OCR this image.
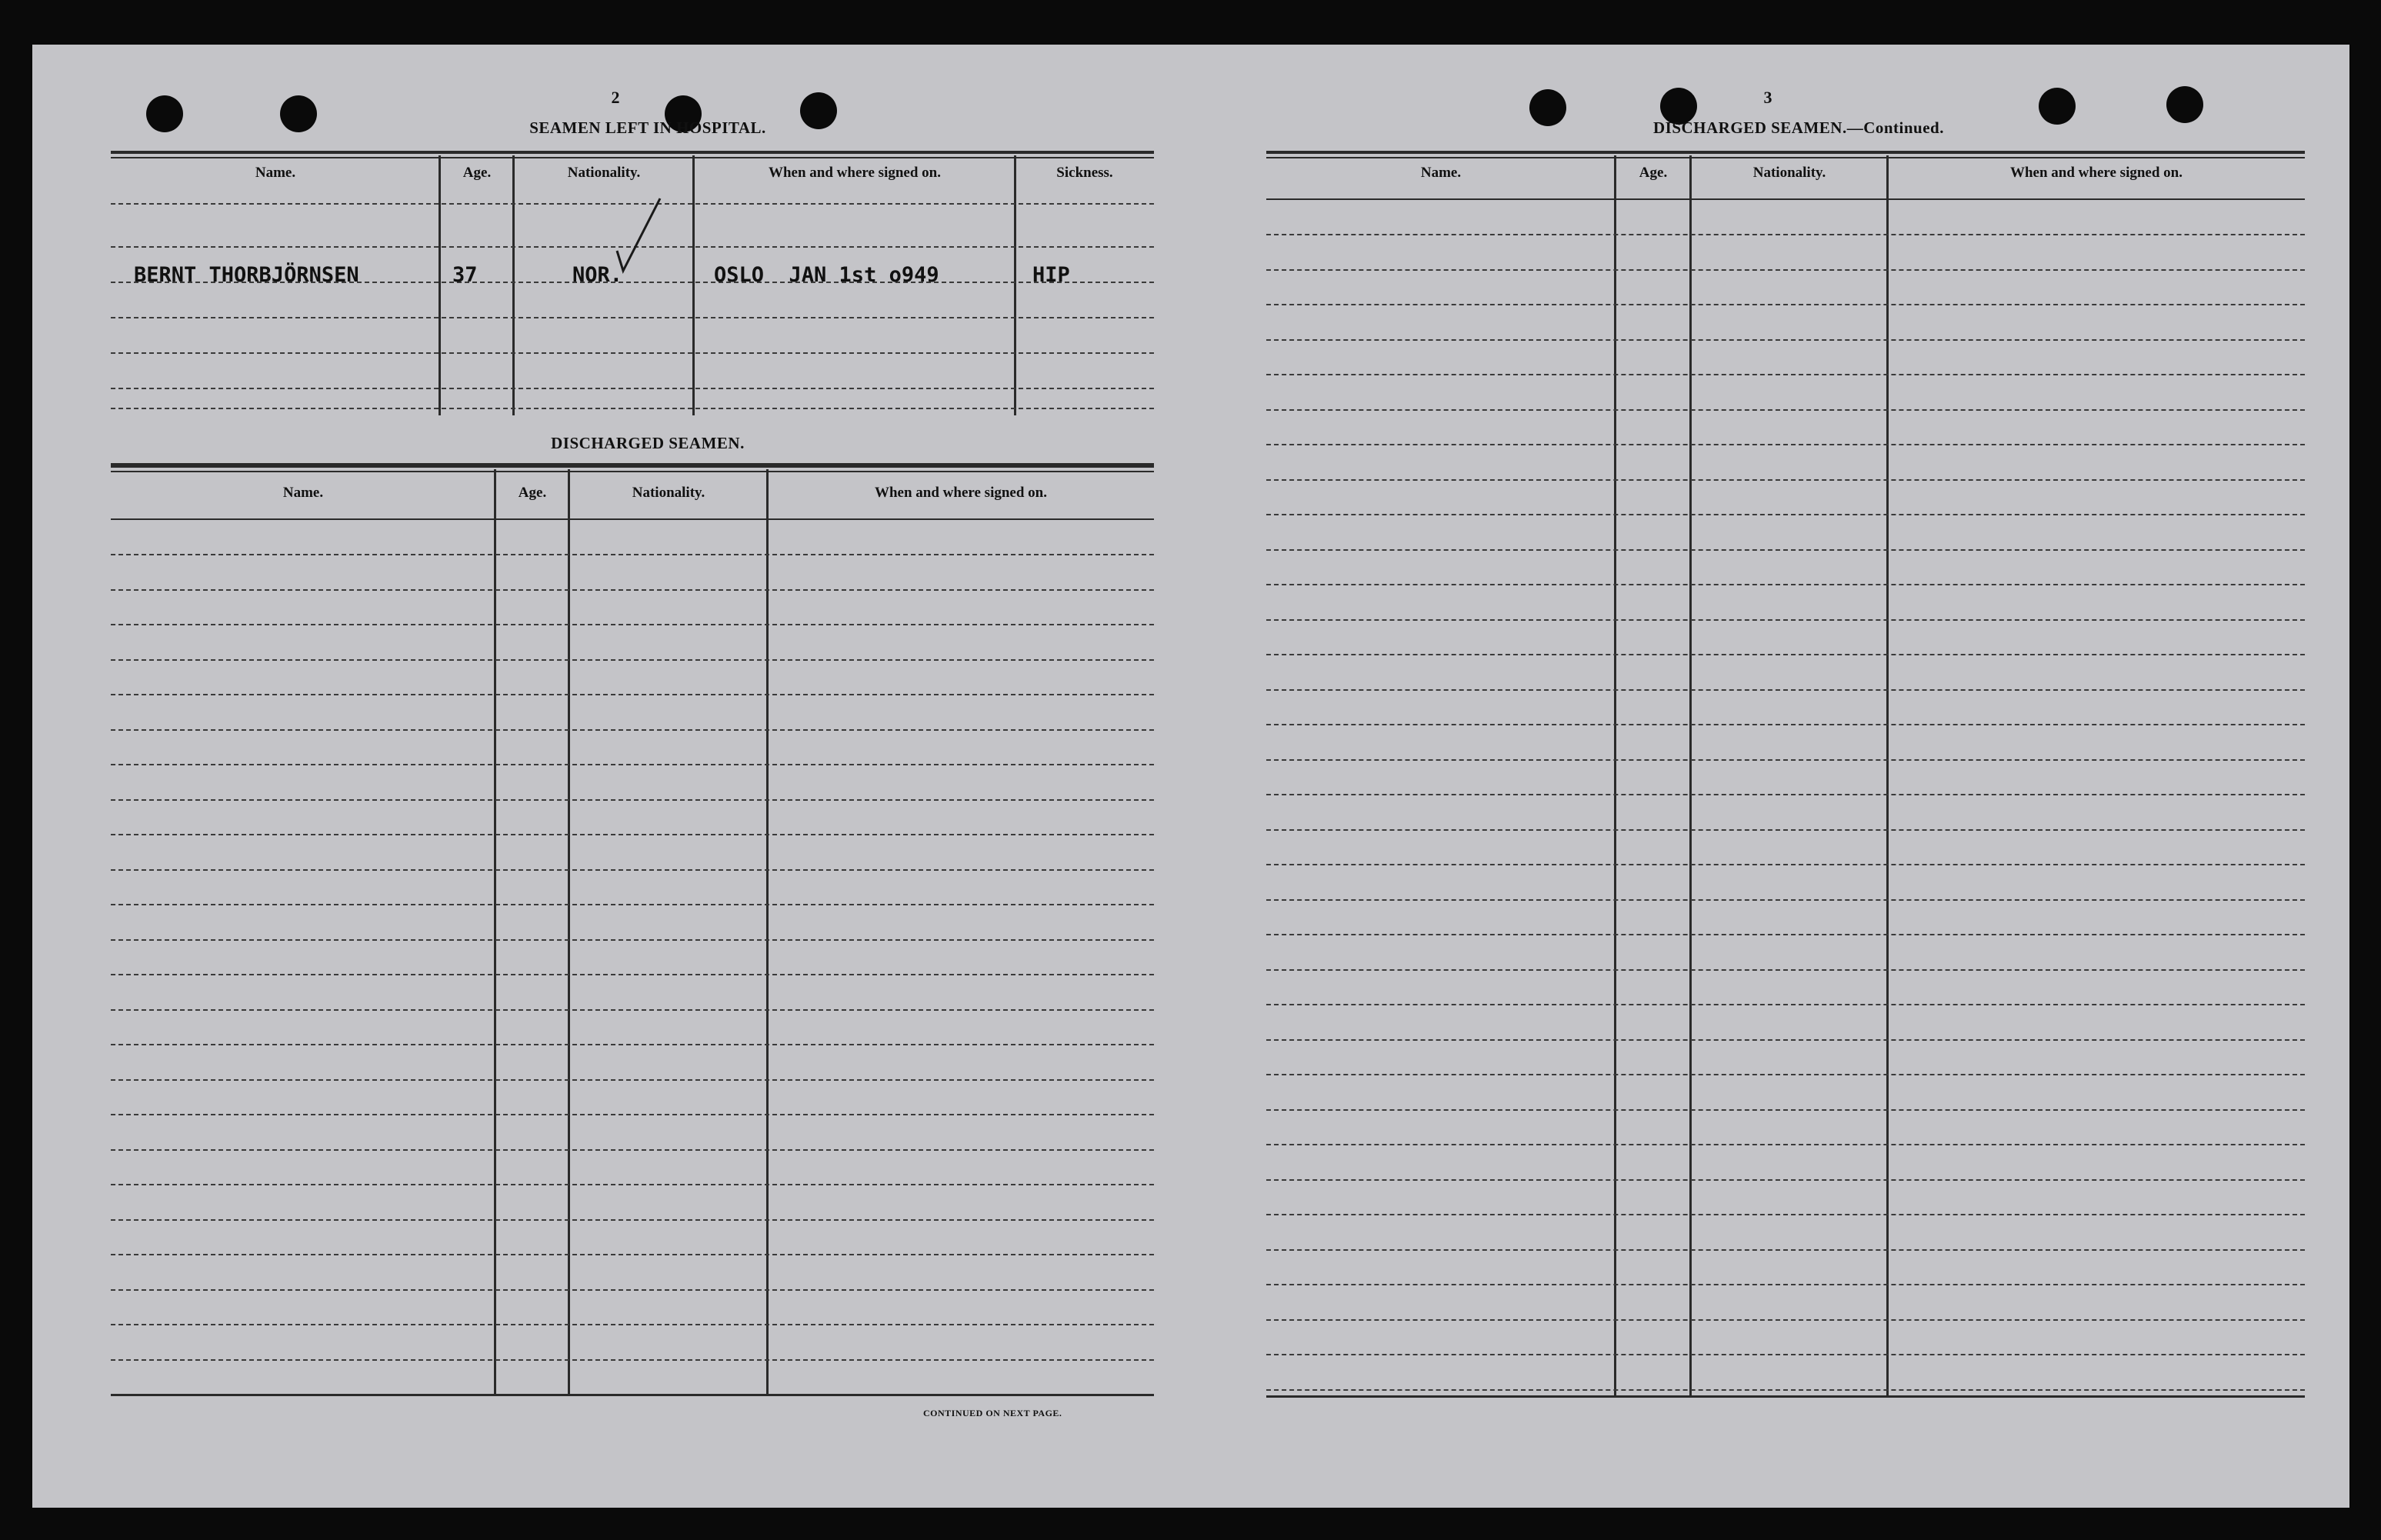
2
SEAMEN LEFT IN HOSPITAL.
Name.	Age.	Nationality.	When and where signed on.	Sickness.
BERNT THORBJÖRNSEN	37	NOR.	OSLO  JAN 1st o949	HIP
DISCHARGED SEAMEN.
Name.	Age.	Nationality.	When and where signed on.
CONTINUED ON NEXT PAGE.
3
DISCHARGED SEAMEN.—Continued.
Name.	Age.	Nationality.	When and where signed on.
